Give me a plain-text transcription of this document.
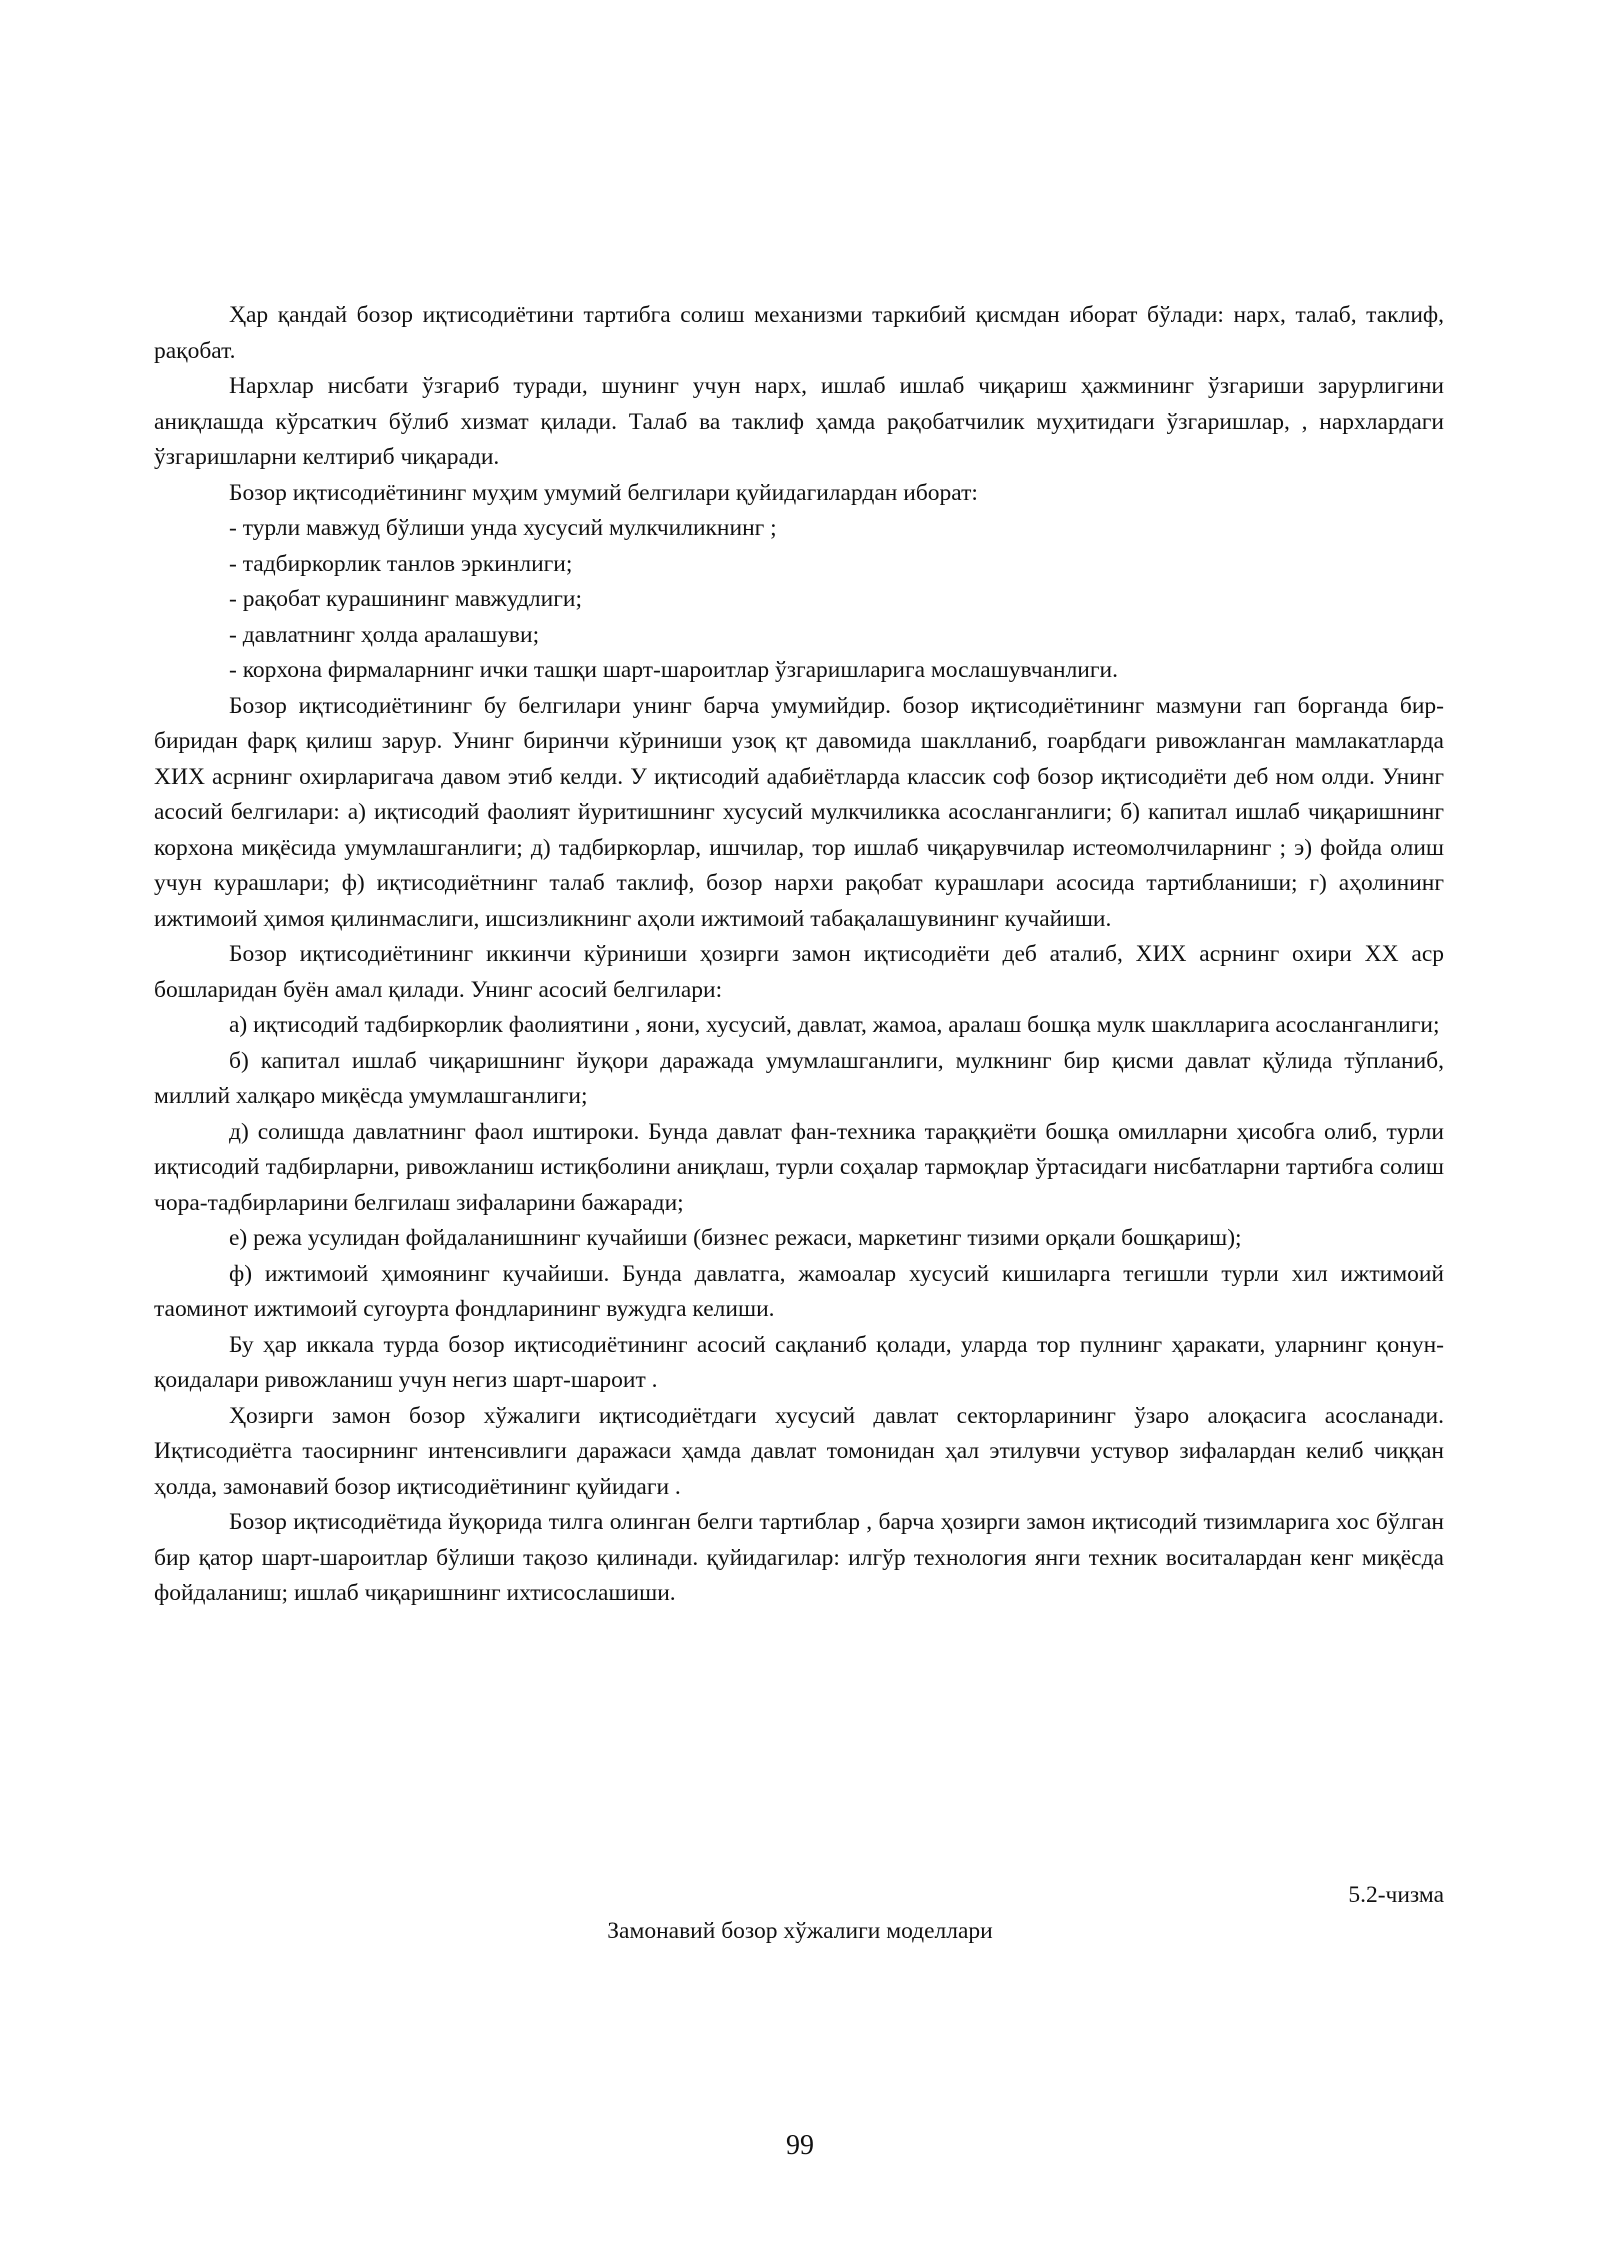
Ҳар қандай бозор иқтисодиётини тартибга солиш механизми таркибий қисмдан иборат бўлади: нарх, талаб, таклиф, рақобат.

Нархлар нисбати ўзгариб туради, шунинг учун нарх, ишлаб ишлаб чиқариш ҳажмининг ўзгариши зарурлигини аниқлашда кўрсаткич бўлиб хизмат қилади. Талаб ва таклиф ҳамда рақобатчилик муҳитидаги ўзгаришлар, , нархлардаги ўзгаришларни келтириб чиқаради.

Бозор иқтисодиётининг муҳим умумий белгилари қуйидагилардан иборат:

- турли мавжуд бўлиши унда хусусий мулкчиликнинг ;

- тадбиркорлик танлов эркинлиги;

- рақобат курашининг мавжудлиги;

- давлатнинг ҳолда аралашуви;

- корхона фирмаларнинг ички ташқи шарт-шароитлар ўзгаришларига мослашувчанлиги.

Бозор иқтисодиётининг бу белгилари унинг барча умумийдир. бозор иқтисодиётининг мазмуни гап борганда бир-биридан фарқ қилиш зарур. Унинг биринчи кўриниши узоқ қт давомида шаклланиб, гоарбдаги ривожланган мамлакатларда ХИХ асрнинг охирларигача давом этиб келди. У иқтисодий адабиётларда классик соф бозор иқтисодиёти деб ном олди. Унинг асосий белгилари: а) иқтисодий фаолият йуритишнинг хусусий мулкчиликка асосланганлиги; б) капитал ишлаб чиқаришнинг корхона миқёсида умумлашганлиги; д) тадбиркорлар, ишчилар, тор ишлаб чиқарувчилар истеомолчиларнинг ; э) фойда олиш учун курашлари; ф) иқтисодиётнинг талаб таклиф, бозор нархи рақобат курашлари асосида тартибланиши; г) аҳолининг ижтимоий ҳимоя қилинмаслиги, ишсизликнинг аҳоли ижтимоий табақалашувининг кучайиши.

Бозор иқтисодиётининг иккинчи кўриниши ҳозирги замон иқтисодиёти деб аталиб, ХИХ асрнинг охири ХХ аср бошларидан буён амал қилади. Унинг асосий белгилари:

а) иқтисодий тадбиркорлик фаолиятини , яони, хусусий, давлат, жамоа, аралаш бошқа мулк шаклларига асосланганлиги;

б) капитал ишлаб чиқаришнинг йуқори даражада умумлашганлиги, мулкнинг бир қисми давлат қўлида тўпланиб, миллий халқаро миқёсда умумлашганлиги;

д) солишда давлатнинг фаол иштироки. Бунда давлат фан-техника тараққиёти бошқа омилларни ҳисобга олиб, турли иқтисодий тадбирларни, ривожланиш истиқболини аниқлаш, турли соҳалар тармоқлар ўртасидаги нисбатларни тартибга солиш чора-тадбирларини белгилаш зифаларини бажаради;

е) режа усулидан фойдаланишнинг кучайиши (бизнес режаси, маркетинг тизими орқали бошқариш);

ф) ижтимоий ҳимоянинг кучайиши. Бунда давлатга, жамоалар хусусий кишиларга тегишли турли хил ижтимоий таоминот ижтимоий сугоурта фондларининг вужудга келиши.

Бу ҳар иккала турда бозор иқтисодиётининг асосий сақланиб қолади, уларда тор пулнинг ҳаракати, уларнинг қонун-қоидалари ривожланиш учун негиз шарт-шароит .

Ҳозирги замон бозор хўжалиги иқтисодиётдаги хусусий давлат секторларининг ўзаро алоқасига асосланади. Иқтисодиётга таосирнинг интенсивлиги даражаси ҳамда давлат томонидан ҳал этилувчи устувор зифалардан келиб чиққан ҳолда, замонавий бозор иқтисодиётининг қуйидаги .

Бозор иқтисодиётида йуқорида тилга олинган белги тартиблар , барча ҳозирги замон иқтисодий тизимларига хос бўлган бир қатор шарт-шароитлар бўлиши тақозо қилинади. қуйидагилар: илгўр технология янги техник воситалардан кенг миқёсда фойдаланиш; ишлаб чиқаришнинг ихтисослашиши.

5.2-чизма
Замонавий бозор хўжалиги моделлари
99
